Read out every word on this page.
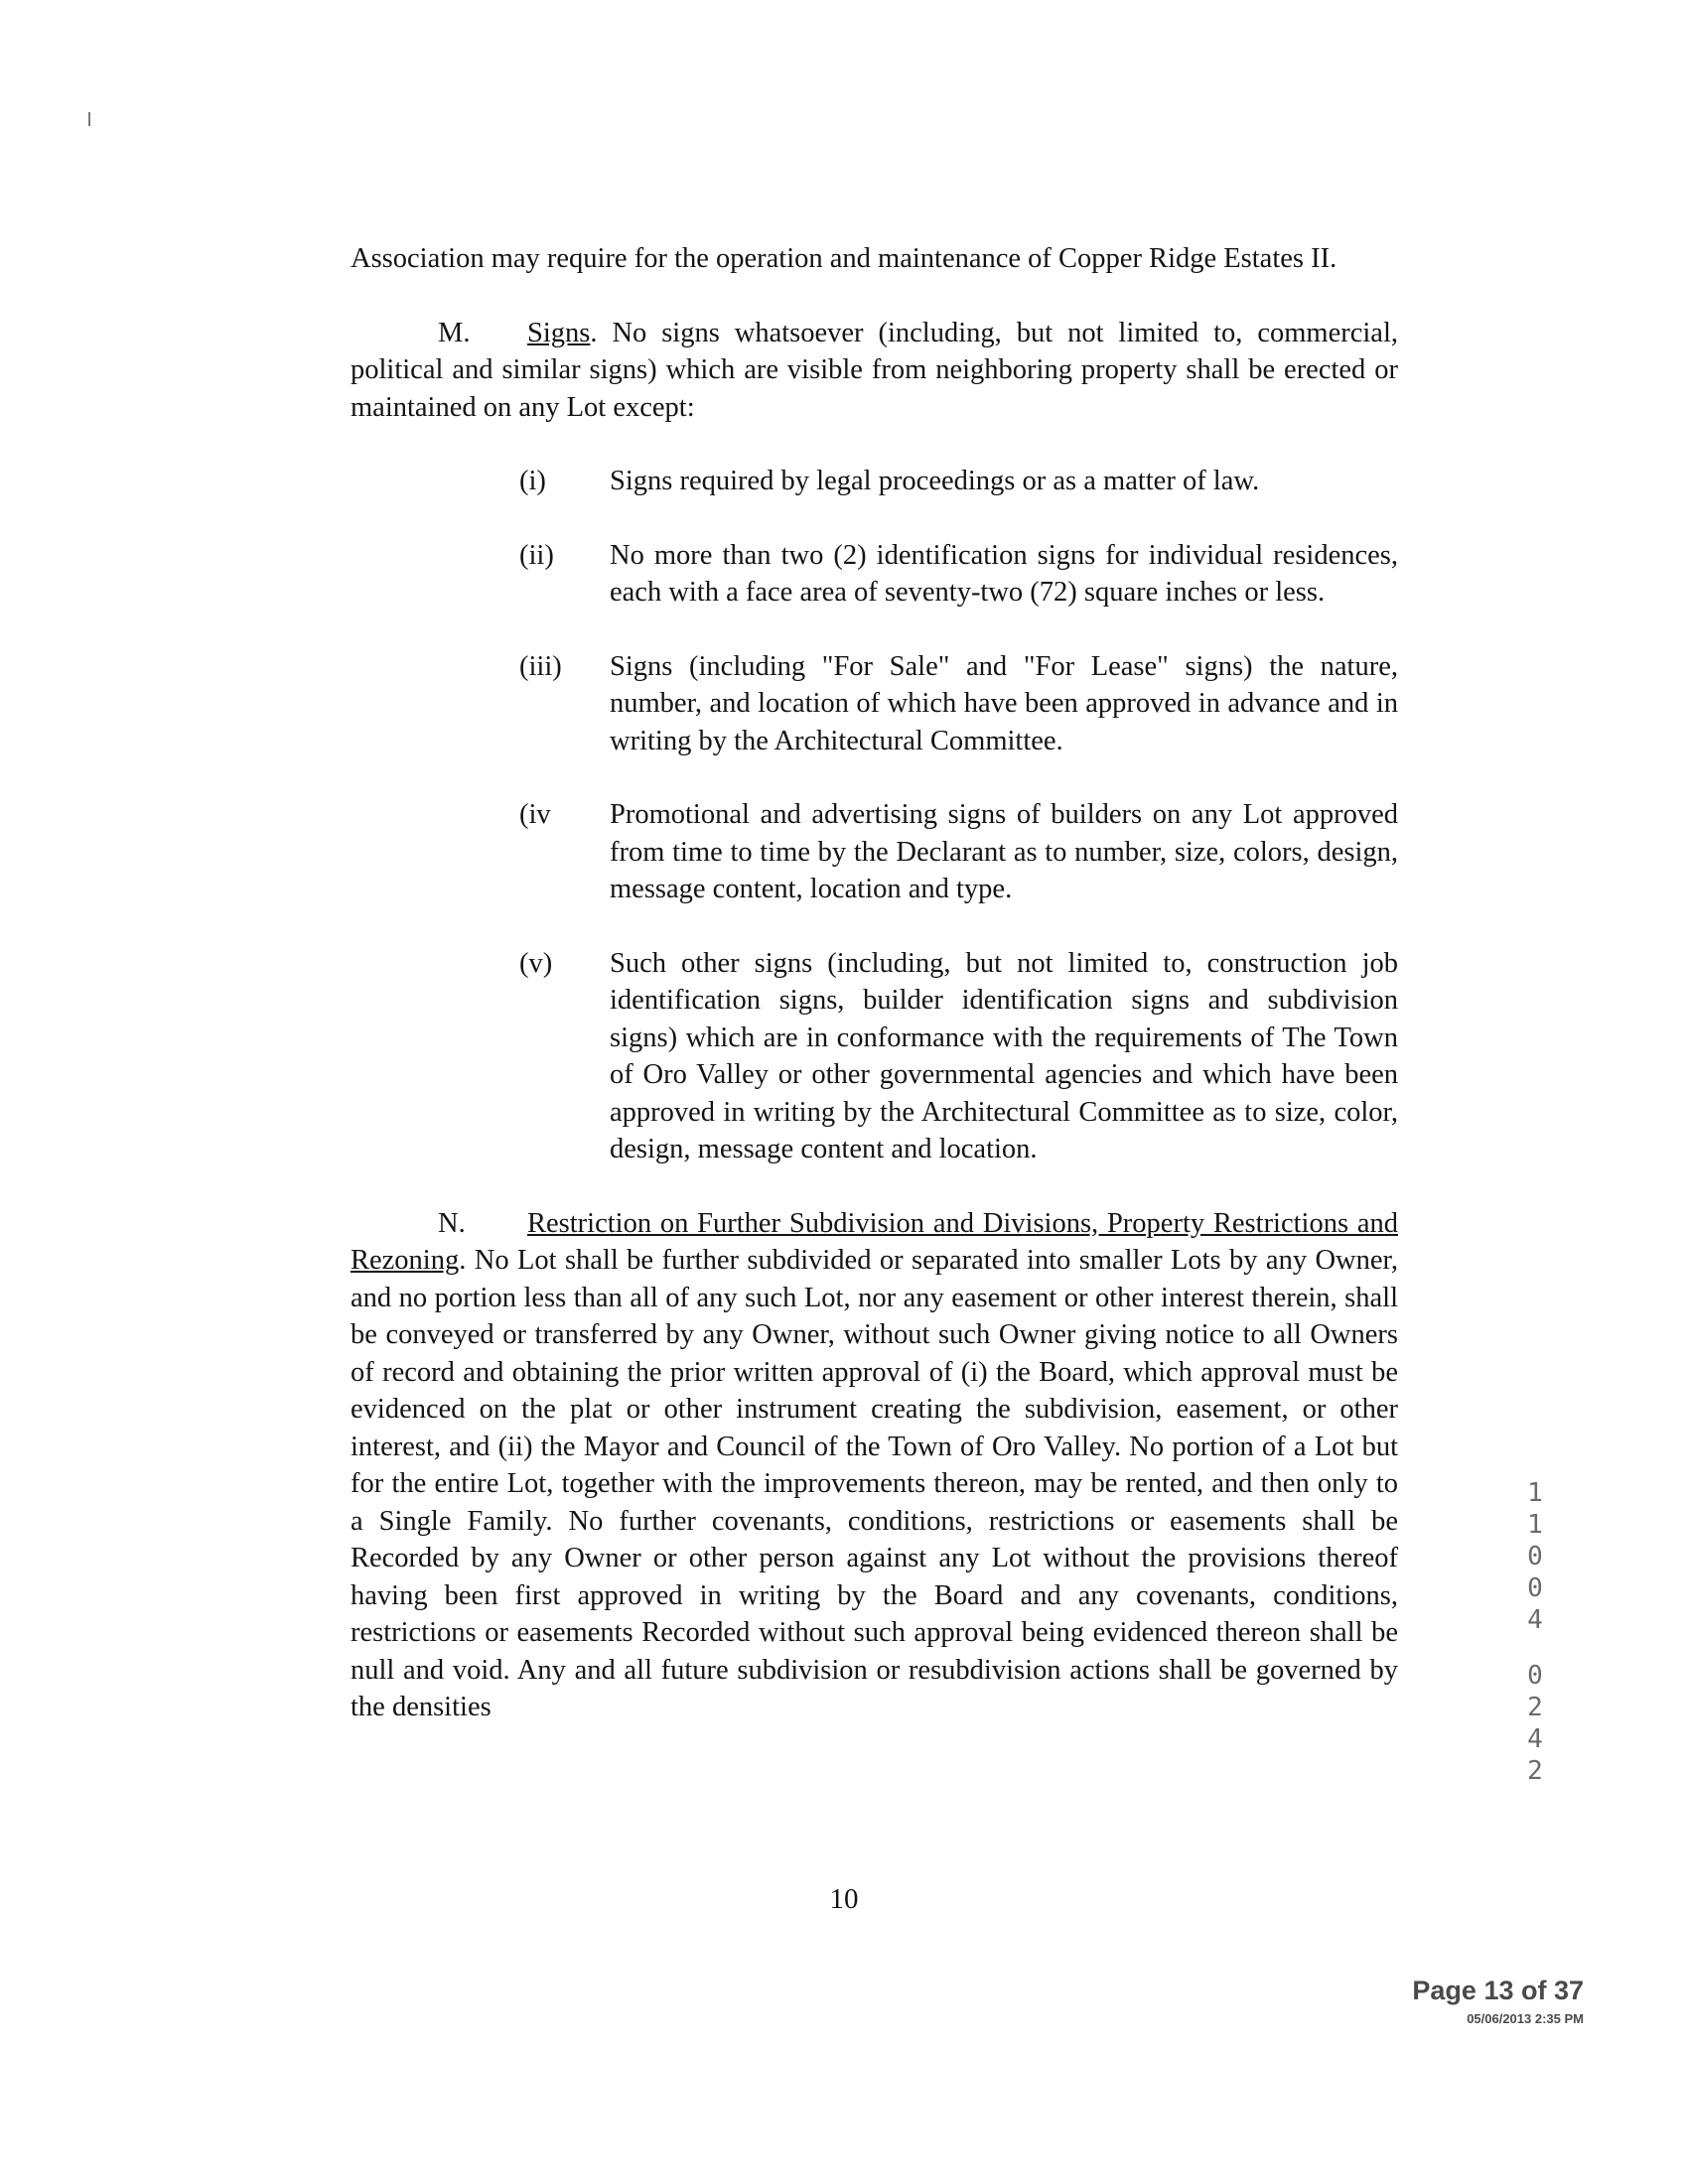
Association may require for the operation and maintenance of Copper Ridge Estates II.

M. Signs. No signs whatsoever (including, but not limited to, commercial, political and similar signs) which are visible from neighboring property shall be erected or maintained on any Lot except:

(i)	Signs required by legal proceedings or as a matter of law.
(ii)	No more than two (2) identification signs for individual residences, each with a face area of seventy-two (72) square inches or less.
(iii)	Signs (including "For Sale" and "For Lease" signs) the nature, number, and location of which have been approved in advance and in writing by the Architectural Committee.
(iv	Promotional and advertising signs of builders on any Lot approved from time to time by the Declarant as to number, size, colors, design, message content, location and type.
(v)	Such other signs (including, but not limited to, construction job identification signs, builder identification signs and subdivision signs) which are in conformance with the requirements of The Town of Oro Valley or other governmental agencies and which have been approved in writing by the Architectural Committee as to size, color, design, message content and location.

N. Restriction on Further Subdivision and Divisions, Property Restrictions and Rezoning. No Lot shall be further subdivided or separated into smaller Lots by any Owner, and no portion less than all of any such Lot, nor any easement or other interest therein, shall be conveyed or transferred by any Owner, without such Owner giving notice to all Owners of record and obtaining the prior written approval of (i) the Board, which approval must be evidenced on the plat or other instrument creating the subdivision, easement, or other interest, and (ii) the Mayor and Council of the Town of Oro Valley. No portion of a Lot but for the entire Lot, together with the improvements thereon, may be rented, and then only to a Single Family. No further covenants, conditions, restrictions or easements shall be Recorded by any Owner or other person against any Lot without the provisions thereof having been first approved in writing by the Board and any covenants, conditions, restrictions or easements Recorded without such approval being evidenced thereon shall be null and void. Any and all future subdivision or resubdivision actions shall be governed by the densities

10
1
1
0
0
4
0
2
4
2
Page 13 of 37
05/06/2013 2:35 PM
